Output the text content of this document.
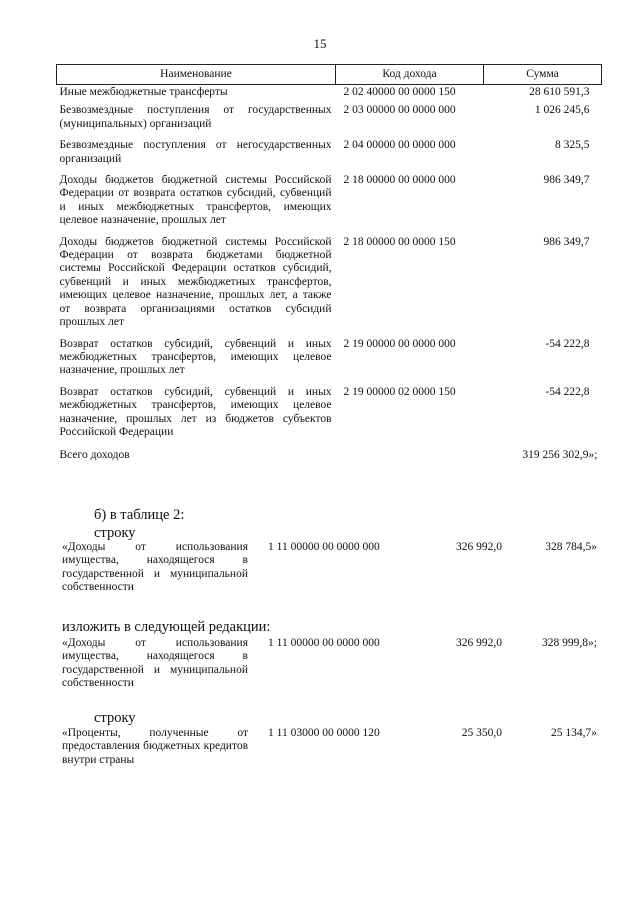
15
Наименование	Код дохода	Сумма
Иные межбюджетные трансферты	2 02 40000 00 0000 150	28 610 591,3
Безвозмездные поступления от государственных (муниципальных) организаций	2 03 00000 00 0000 000	1 026 245,6
Безвозмездные поступления от негосударственных организаций	2 04 00000 00 0000 000	8 325,5
Доходы бюджетов бюджетной системы Российской Федерации от возврата остатков субсидий, субвенций и иных межбюджетных трансфертов, имеющих целевое назначение, прошлых лет	2 18 00000 00 0000 000	986 349,7
Доходы бюджетов бюджетной системы Российской Федерации от возврата бюджетами бюджетной системы Российской Федерации остатков субсидий, субвенций и иных межбюджетных трансфертов, имеющих целевое назначение, прошлых лет, а также от возврата организациями остатков субсидий прошлых лет	2 18 00000 00 0000 150	986 349,7
Возврат остатков субсидий, субвенций и иных межбюджетных трансфертов, имеющих целевое назначение, прошлых лет	2 19 00000 00 0000 000	-54 222,8
Возврат остатков субсидий, субвенций и иных межбюджетных трансфертов, имеющих целевое назначение, прошлых лет из бюджетов субъектов Российской Федерации	2 19 00000 02 0000 150	-54 222,8
Всего доходов		319 256 302,9»;
б) в таблице 2:
строку
«Доходы от использования имущества, находящегося в государственной и муниципальной собственности
1 11 00000 00 0000 000	326 992,0	328 784,5»
изложить в следующей редакции:
«Доходы от использования имущества, находящегося в государственной и муниципальной собственности
1 11 00000 00 0000 000	326 992,0	328 999,8»;
строку
«Проценты, полученные от предоставления бюджетных кредитов внутри страны
1 11 03000 00 0000 120	25 350,0	25 134,7»
